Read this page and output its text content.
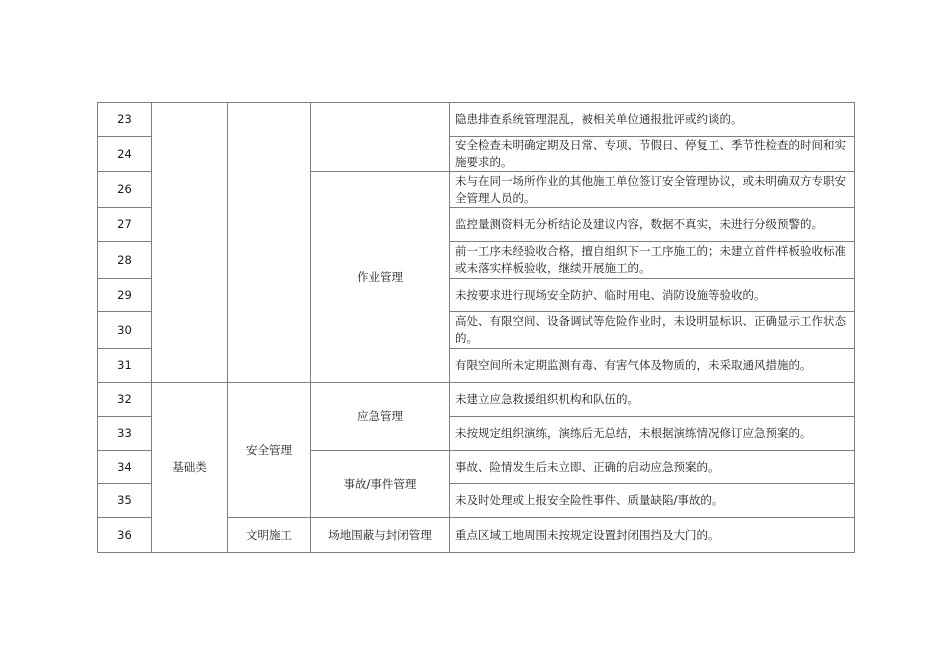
23				隐患排查系统管理混乱，被相关单位通报批评或约谈的。
24				安全检查未明确定期及日常、专项、节假日、停复工、季节性检查的时间和实施要求的。
26			作业管理	未与在同一场所作业的其他施工单位签订安全管理协议，或未明确双方专职安全管理人员的。
27				监控量测资料无分析结论及建议内容，数据不真实，未进行分级预警的。
28				前一工序未经验收合格，擅自组织下一工序施工的；未建立首件样板验收标准或未落实样板验收，继续开展施工的。
29				未按要求进行现场安全防护、临时用电、消防设施等验收的。
30				高处、有限空间、设备调试等危险作业时，未设明显标识、正确显示工作状态的。
31				有限空间所未定期监测有毒、有害气体及物质的，未采取通风措施的。
32	基础类	安全管理	应急管理	未建立应急救援组织机构和队伍的。
33				未按规定组织演练，演练后无总结，未根据演练情况修订应急预案的。
34			事故/事件管理	事故、险情发生后未立即、正确的启动应急预案的。
35				未及时处理或上报安全险性事件、质量缺陷/事故的。
36		文明施工	场地围蔽与封闭管理	重点区域工地周围未按规定设置封闭围挡及大门的。
